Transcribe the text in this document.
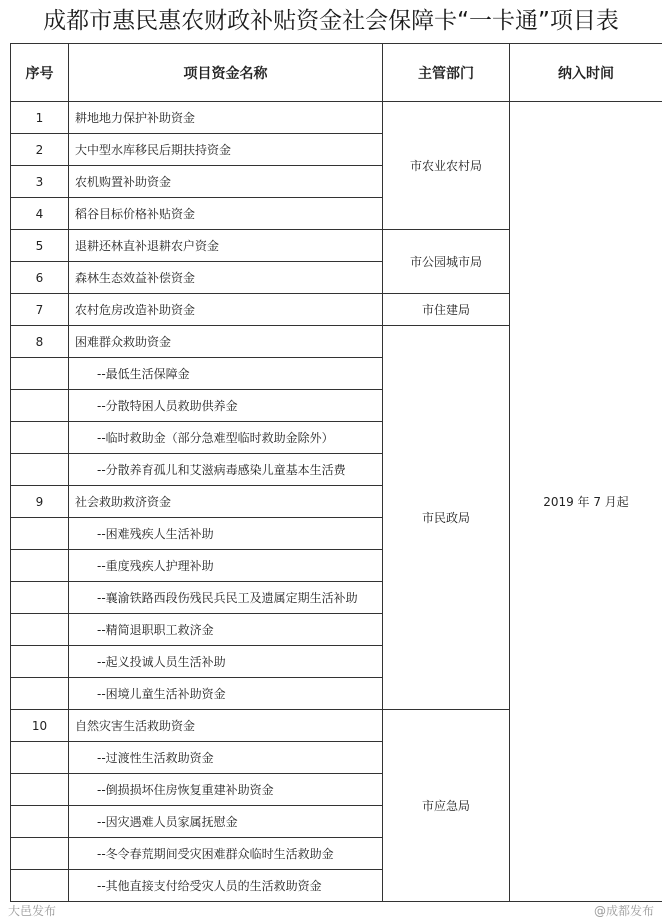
成都市惠民惠农财政补贴资金社会保障卡“一卡通”项目表
序号	项目资金名称	主管部门	纳入时间
1	耕地地力保护补助资金	市农业农村局	2019 年 7 月起
2	大中型水库移民后期扶持资金		
3	农机购置补助资金		
4	稻谷目标价格补贴资金		
5	退耕还林直补退耕农户资金	市公园城市局	
6	森林生态效益补偿资金		
7	农村危房改造补助资金	市住建局	
8	困难群众救助资金	市民政局	
	--最低生活保障金		
	--分散特困人员救助供养金		
	--临时救助金（部分急难型临时救助金除外）		
	--分散养育孤儿和艾滋病毒感染儿童基本生活费		
9	社会救助救济资金		
	--困难残疾人生活补助		
	--重度残疾人护理补助		
	--襄渝铁路西段伤残民兵民工及遗属定期生活补助		
	--精简退职职工救济金		
	--起义投诚人员生活补助		
	--困境儿童生活补助资金		
10	自然灾害生活救助资金	市应急局	
	--过渡性生活救助资金		
	--倒损损坏住房恢复重建补助资金		
	--因灾遇难人员家属抚慰金		
	--冬令春荒期间受灾困难群众临时生活救助金		
	--其他直接支付给受灾人员的生活救助资金		
大邑发布	@成都发布
